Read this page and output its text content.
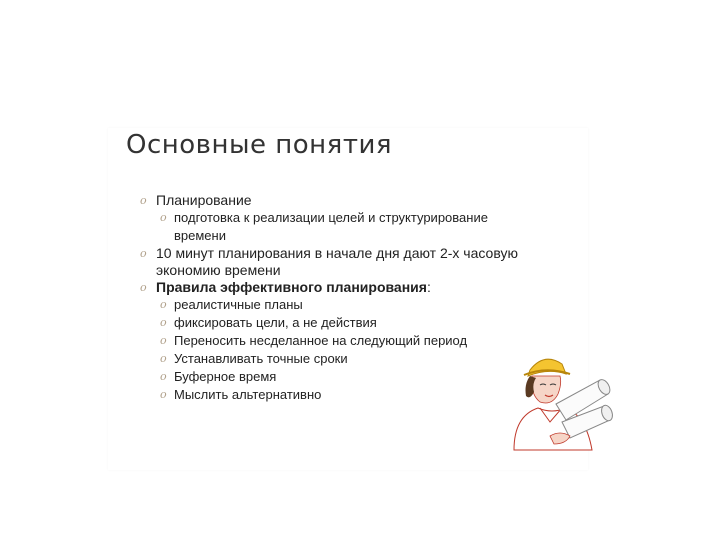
Основные понятия
o Планирование
o подготовка к реализации целей и структурирование
времени
o 10 минут планирования в начале дня дают 2-х часовую
экономию времени
o Правила эффективного планирования:
o реалистичные планы
o фиксировать цели, а не действия
o Переносить несделанное на следующий период
o Устанавливать точные сроки
o Буферное время
o Мыслить альтернативно
